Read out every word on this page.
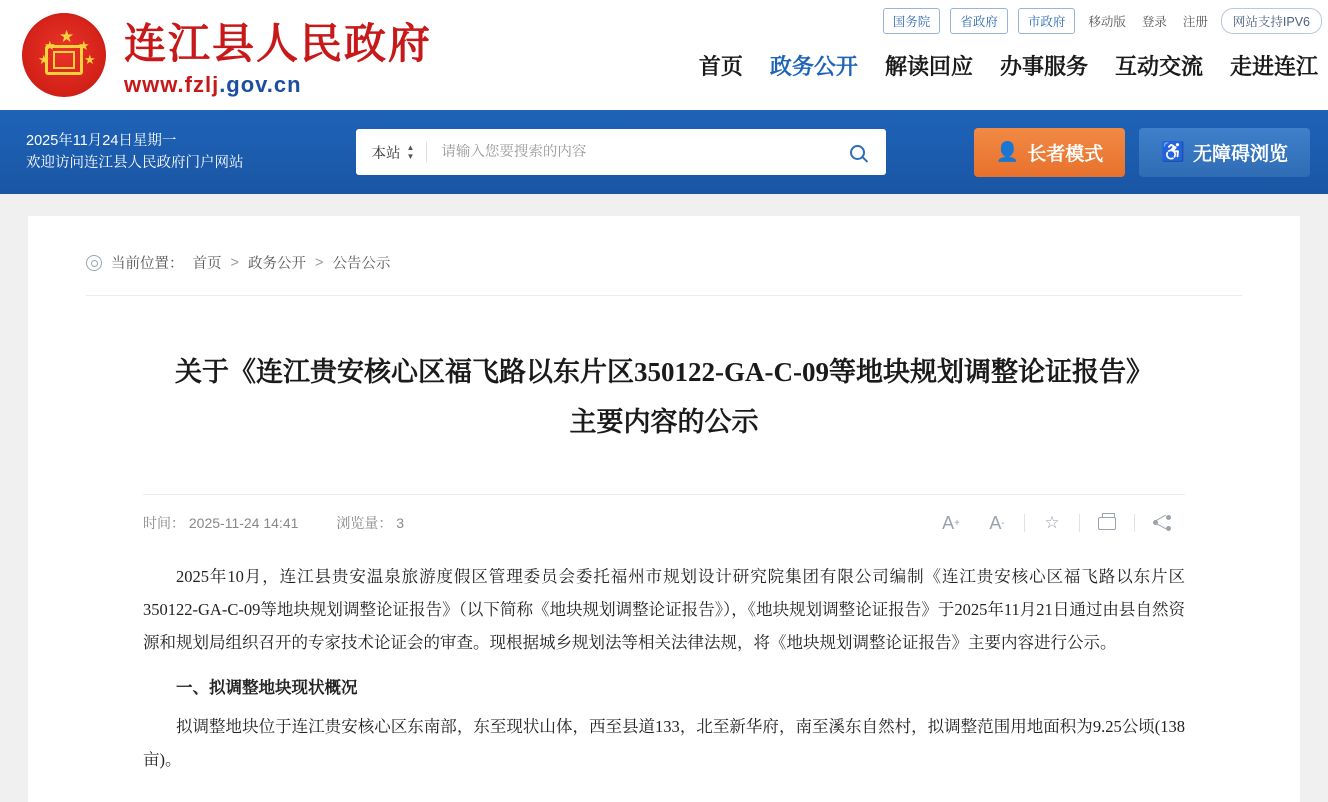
★
★
★
★
★ 连江县人民政府
www.fzlj.gov.cn
国务院	省政府	市政府	移动版 登录 注册	网站支持IPV6
首页 政务公开 解读回应 办事服务 互动交流 走进连江
2025年11月24日星期一
欢迎访问连江县人民政府门户网站
本站 ▲
▼
请输入您要搜索的内容	👤 长者模式	♿ 无障碍浏览
当前位置： 首页 > 政务公开 > 公告公示
关于《连江贵安核心区福飞路以东片区350122-GA-C-09等地块规划调整论证报告》
主要内容的公示
时间： 2025-11-24 14:41	浏览量： 3	A +	A -	☆

2025年10月，连江县贵安温泉旅游度假区管理委员会委托福州市规划设计研究院集团有限公司编制《连江贵安核心区福飞路以东片区350122-GA-C-09等地块规划调整论证报告》（以下简称《地块规划调整论证报告》），《地块规划调整论证报告》于2025年11月21日通过由县自然资源和规划局组织召开的专家技术论证会的审查。现根据城乡规划法等相关法律法规，将《地块规划调整论证报告》主要内容进行公示。

一、拟调整地块现状概况

拟调整地块位于连江贵安核心区东南部，东至现状山体，西至县道133，北至新华府，南至溪东自然村，拟调整范围用地面积为9.25公顷(138亩)。
